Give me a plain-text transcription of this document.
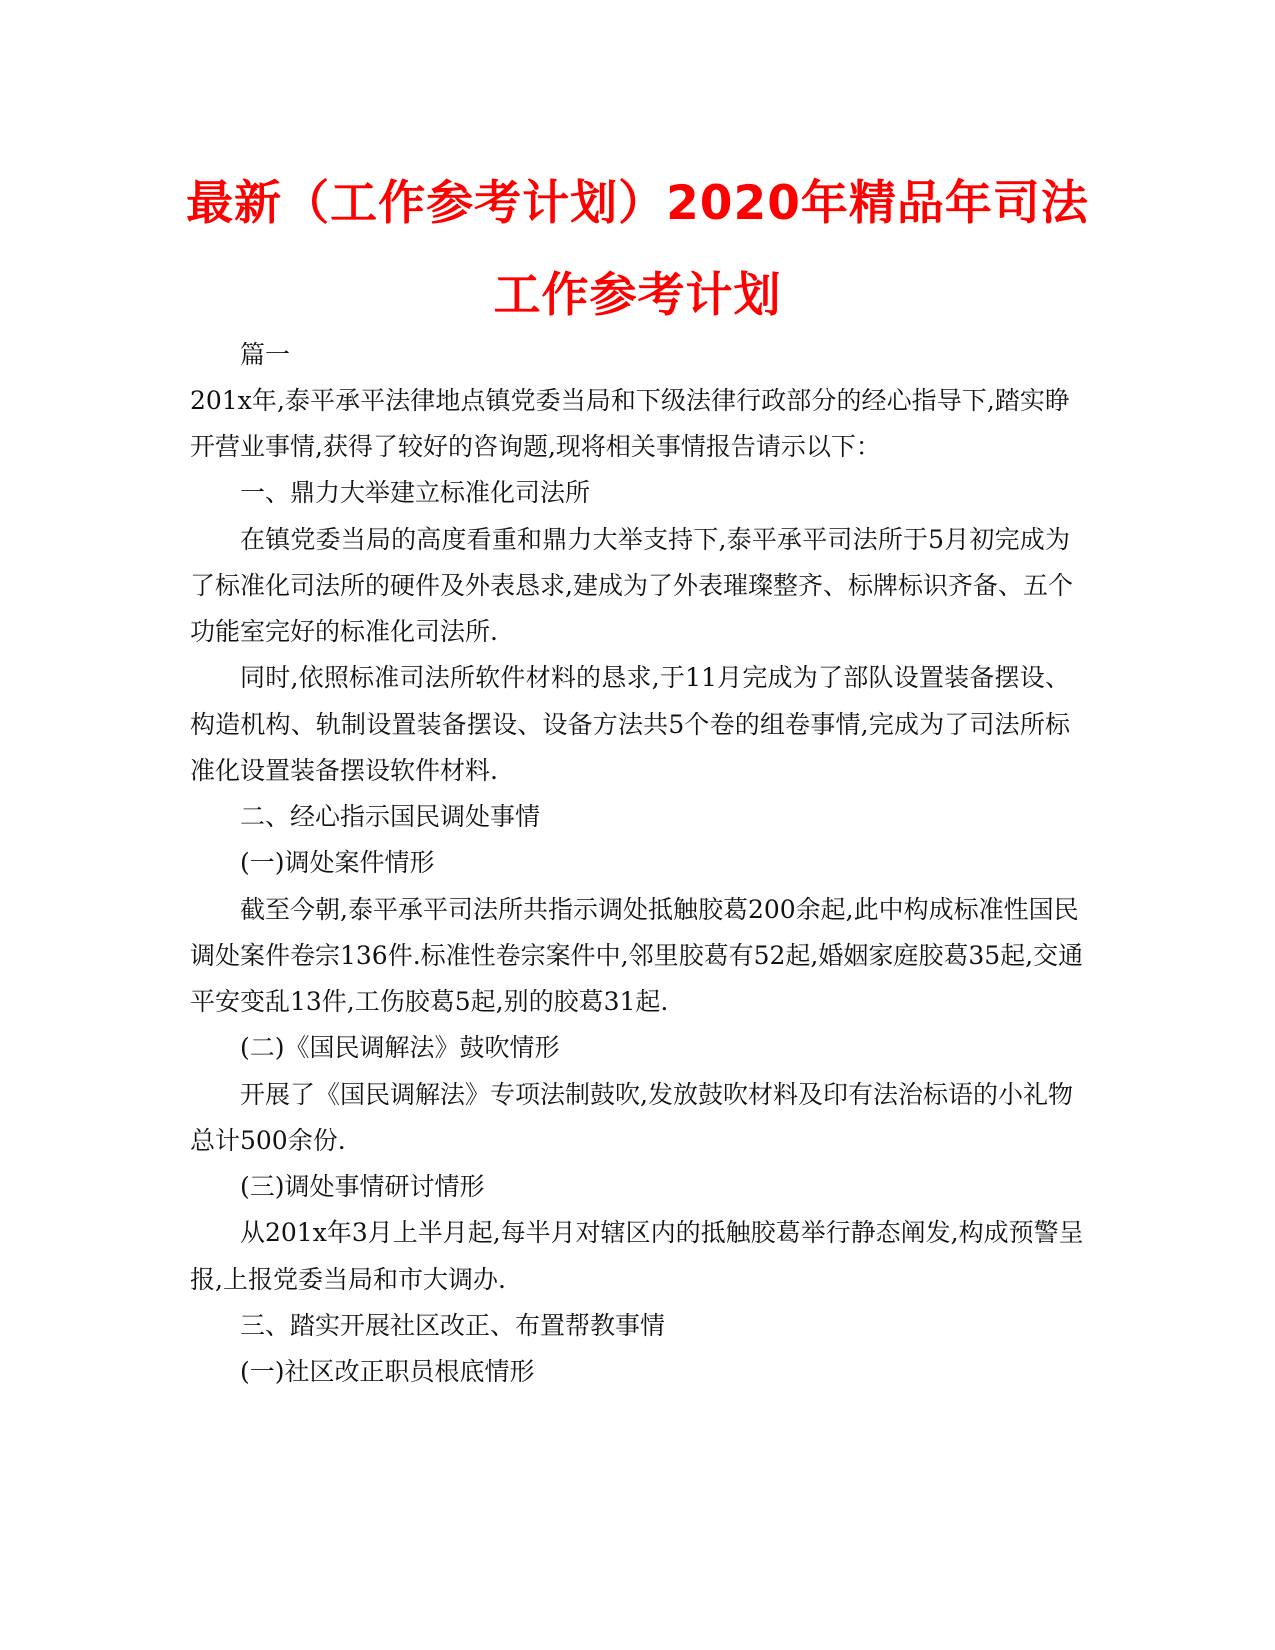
最新（工作参考计划）2020年精品年司法
工作参考计划
篇一
201x年,泰平承平法律地点镇党委当局和下级法律行政部分的经心指导下,踏实睁
开营业事情,获得了较好的咨询题,现将相关事情报告请示以下：
一、鼎力大举建立标准化司法所
在镇党委当局的高度看重和鼎力大举支持下,泰平承平司法所于5月初完成为
了标准化司法所的硬件及外表恳求,建成为了外表璀璨整齐、标牌标识齐备、五个
功能室完好的标准化司法所.
同时,依照标准司法所软件材料的恳求,于11月完成为了部队设置装备摆设、
构造机构、轨制设置装备摆设、设备方法共5个卷的组卷事情,完成为了司法所标
准化设置装备摆设软件材料.
二、经心指示国民调处事情
(一)调处案件情形
截至今朝,泰平承平司法所共指示调处抵触胶葛200余起,此中构成标准性国民
调处案件卷宗136件.标准性卷宗案件中,邻里胶葛有52起,婚姻家庭胶葛35起,交通
平安变乱13件,工伤胶葛5起,别的胶葛31起.
(二)《国民调解法》鼓吹情形
开展了《国民调解法》专项法制鼓吹,发放鼓吹材料及印有法治标语的小礼物
总计500余份.
(三)调处事情研讨情形
从201x年3月上半月起,每半月对辖区内的抵触胶葛举行静态阐发,构成预警呈
报,上报党委当局和市大调办.
三、踏实开展社区改正、布置帮教事情
(一)社区改正职员根底情形
